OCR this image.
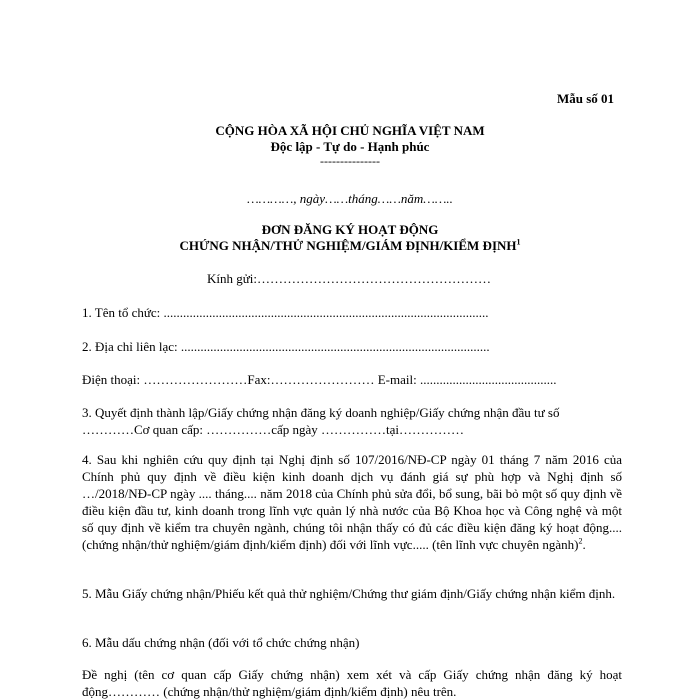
Mẫu số 01
CỘNG HÒA XÃ HỘI CHỦ NGHĨA VIỆT NAM
Độc lập - Tự do - Hạnh phúc
---------------
…………, ngày……tháng……năm……..
ĐƠN ĐĂNG KÝ HOẠT ĐỘNG
CHỨNG NHẬN/THỬ NGHIỆM/GIÁM ĐỊNH/KIỂM ĐỊNH$^1$
Kính gửi:………………………………………………
1. Tên tổ chức: ....................................................................................................
2. Địa chỉ liên lạc: ...............................................................................................
Điện thoại: ……………………Fax:…………………… E-mail: ..........................................
3. Quyết định thành lập/Giấy chứng nhận đăng ký doanh nghiệp/Giấy chứng nhận đầu tư số
…………Cơ quan cấp: ……………cấp ngày ……………tại……………
4. Sau khi nghiên cứu quy định tại Nghị định số 107/2016/NĐ-CP ngày 01 tháng 7 năm 2016 của Chính phủ quy định về điều kiện kinh doanh dịch vụ đánh giá sự phù hợp và Nghị định số …/2018/NĐ-CP ngày .... tháng.... năm 2018 của Chính phủ sửa đổi, bổ sung, bãi bỏ một số quy định về điều kiện đầu tư, kinh doanh trong lĩnh vực quản lý nhà nước của Bộ Khoa học và Công nghệ và một số quy định về kiểm tra chuyên ngành, chúng tôi nhận thấy có đủ các điều kiện đăng ký hoạt động.... (chứng nhận/thử nghiệm/giám định/kiểm định) đối với lĩnh vực..... (tên lĩnh vực chuyên ngành)$^2$.
5. Mẫu Giấy chứng nhận/Phiếu kết quả thử nghiệm/Chứng thư giám định/Giấy chứng nhận kiểm định.
6. Mẫu dấu chứng nhận (đối với tổ chức chứng nhận)
Đề nghị (tên cơ quan cấp Giấy chứng nhận) xem xét và cấp Giấy chứng nhận đăng ký hoạt động………… (chứng nhận/thử nghiệm/giám định/kiểm định) nêu trên.
